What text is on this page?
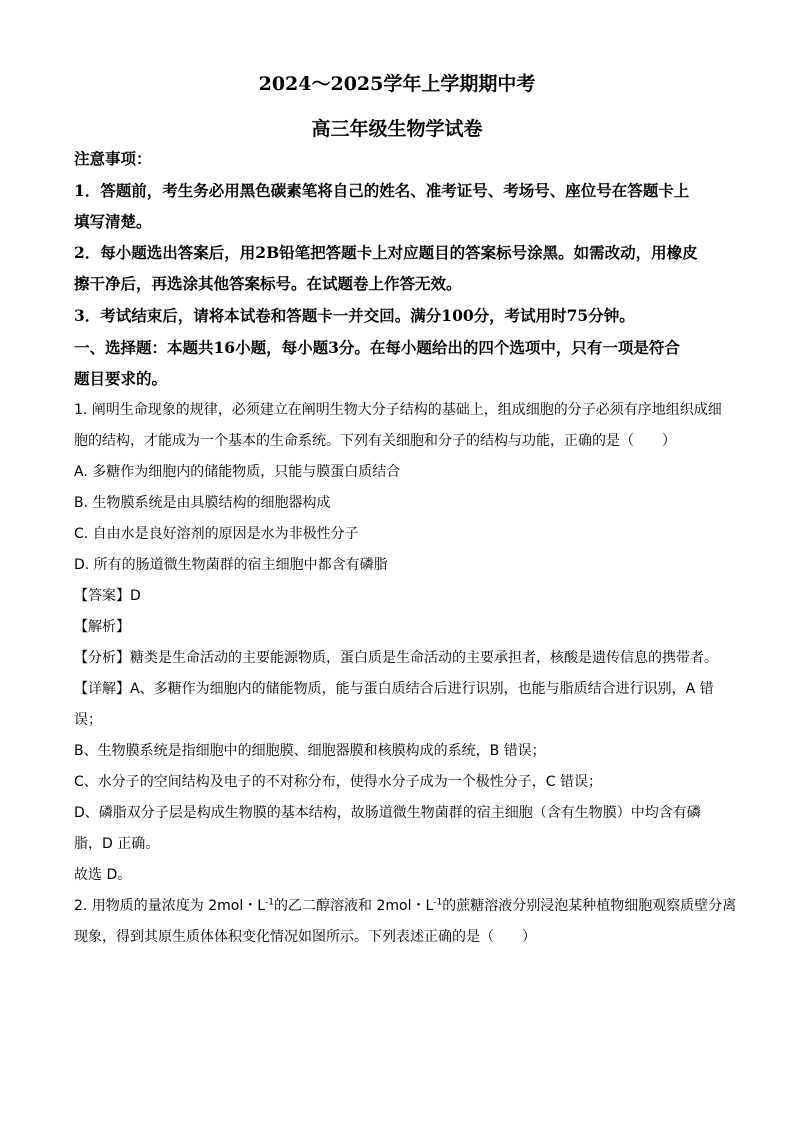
2024～2025学年上学期期中考
高三年级生物学试卷
注意事项：
1．答题前，考生务必用黑色碳素笔将自己的姓名、准考证号、考场号、座位号在答题卡上
填写清楚。
2．每小题选出答案后，用2B铅笔把答题卡上对应题目的答案标号涂黑。如需改动，用橡皮
擦干净后，再选涂其他答案标号。在试题卷上作答无效。
3．考试结束后，请将本试卷和答题卡一并交回。满分100分，考试用时75分钟。
一、选择题：本题共16小题，每小题3分。在每小题给出的四个选项中，只有一项是符合
题目要求的。
1. 阐明生命现象的规律，必须建立在阐明生物大分子结构的基础上，组成细胞的分子必须有序地组织成细
胞的结构，才能成为一个基本的生命系统。下列有关细胞和分子的结构与功能，正确的是（　　）
A. 多糖作为细胞内的储能物质，只能与膜蛋白质结合
B. 生物膜系统是由具膜结构的细胞器构成
C. 自由水是良好溶剂的原因是水为非极性分子
D. 所有的肠道微生物菌群的宿主细胞中都含有磷脂
【答案】D
【解析】
【分析】糖类是生命活动的主要能源物质，蛋白质是生命活动的主要承担者，核酸是遗传信息的携带者。
【详解】A、多糖作为细胞内的储能物质，能与蛋白质结合后进行识别，也能与脂质结合进行识别，A 错
误；
B、生物膜系统是指细胞中的细胞膜、细胞器膜和核膜构成的系统，B 错误；
C、水分子的空间结构及电子的不对称分布，使得水分子成为一个极性分子，C 错误；
D、磷脂双分子层是构成生物膜的基本结构，故肠道微生物菌群的宿主细胞（含有生物膜）中均含有磷
脂，D 正确。
故选 D。
2. 用物质的量浓度为 2mol・$L^{-1}$的乙二醇溶液和 2mol・$L^{-1}$的蔗糖溶液分别浸泡某种植物细胞观察质壁分离
现象，得到其原生质体体积变化情况如图所示。下列表述正确的是（　　）
